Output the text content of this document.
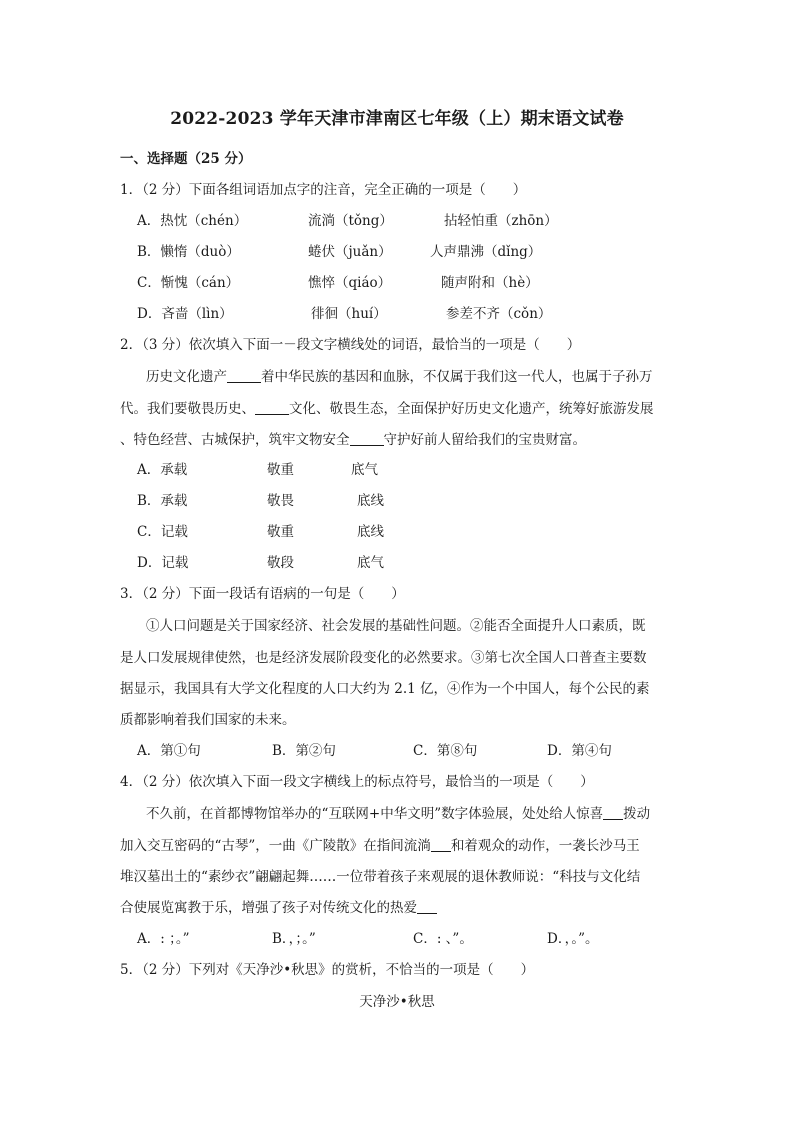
2022-2023 学年天津市津南区七年级（上）期末语文试卷
一、选择题（25 分）
1．（2 分）下面各组词语加点字的注音，完全正确的一项是（　　）
A．热忱（chén）	流淌（tǒng）	拈轻怕重（zhōn）
B．懒惰（duò）	蜷伏（juǎn）	人声鼎沸（dǐng）
C．惭愧（cán）	憔悴（qiáo）	随声附和（hè）
D．吝啬（lìn）	徘徊（huí）	参差不齐（cǒn）
2．（3 分）依次填入下面一－段文字横线处的词语，最恰当的一项是（　　）
历史文化遗产	着中华民族的基因和血脉，不仅属于我们这一代人，也属于子孙万
代。我们要敬畏历史、	文化、敬畏生态，全面保护好历史文化遗产，统筹好旅游发展
、特色经营、古城保护，筑牢文物安全	守护好前人留给我们的宝贵财富。
A．承载	敬重	底气
B．承载	敬畏	底线
C．记载	敬重	底线
D．记载	敬段	底气
3．（2 分）下面一段话有语病的一句是（　　）
①人口问题是关于国家经济、社会发展的基础性问题。②能否全面提升人口素质，既
是人口发展规律使然，也是经济发展阶段变化的必然要求。③第七次全国人口普查主要数
据显示，我国具有大学文化程度的人口大约为 2.1 亿，④作为一个中国人，每个公民的素
质都影响着我们国家的未来。
A．第①句	B．第②句	C．第⑧句	D．第④句
4．（2 分）依次填入下面一段文字横线上的标点符号，最恰当的一项是（　　）
不久前，在首都博物馆举办的“互联网+中华文明”数字体验展，处处给人惊喜 拨动
加入交互密码的“古琴”，一曲《广陵散》在指间流淌 和着观众的动作，一袭长沙马王
堆汉墓出土的“素纱衣”翩翩起舞……一位带着孩子来观展的退休教师说：“科技与文化结
合使展览寓教于乐，增强了孩子对传统文化的热爱
A．: ；。”	B．，；。”	C．: 、”。	D．，。”。
5．（2 分）下列对《天净沙•秋思》的赏析，不恰当的一项是（　　）
天净沙•秋思
